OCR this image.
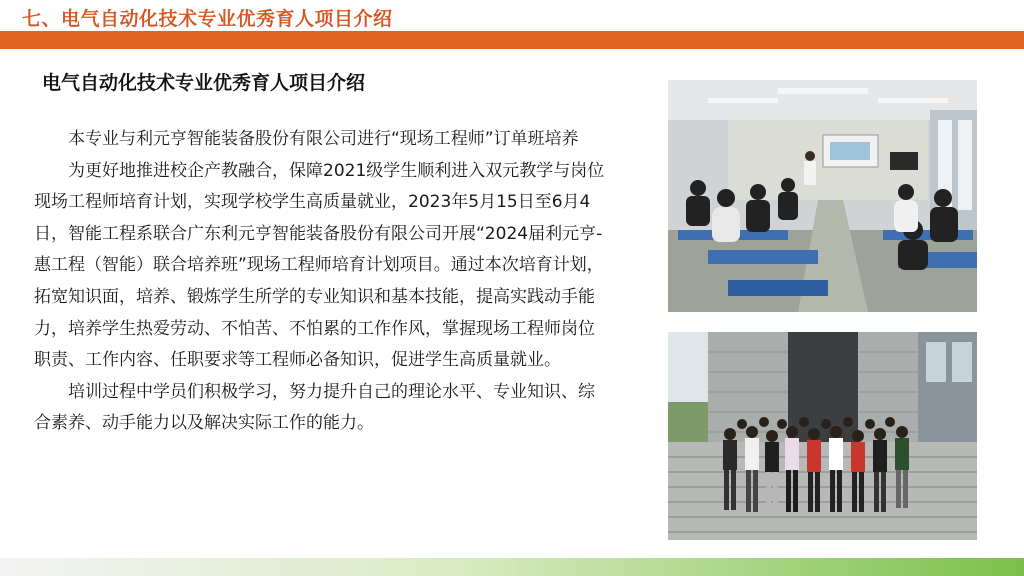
七、电气自动化技术专业优秀育人项目介绍
电气自动化技术专业优秀育人项目介绍

本专业与利元亨智能装备股份有限公司进行“现场工程师”订单班培养

为更好地推进校企产教融合，保障2021级学生顺利进入双元教学与岗位现场工程师培育计划，实现学校学生高质量就业，2023年5月15日至6月4日，智能工程系联合广东利元亨智能装备股份有限公司开展“2024届利元亨-惠工程（智能）联合培养班”现场工程师培育计划项目。通过本次培育计划，拓宽知识面，培养、锻炼学生所学的专业知识和基本技能，提高实践动手能力，培养学生热爱劳动、不怕苦、不怕累的工作作风，掌握现场工程师岗位职责、工作内容、任职要求等工程师必备知识，促进学生高质量就业。

培训过程中学员们积极学习，努力提升自己的理论水平、专业知识、综合素养、动手能力以及解决实际工作的能力。
